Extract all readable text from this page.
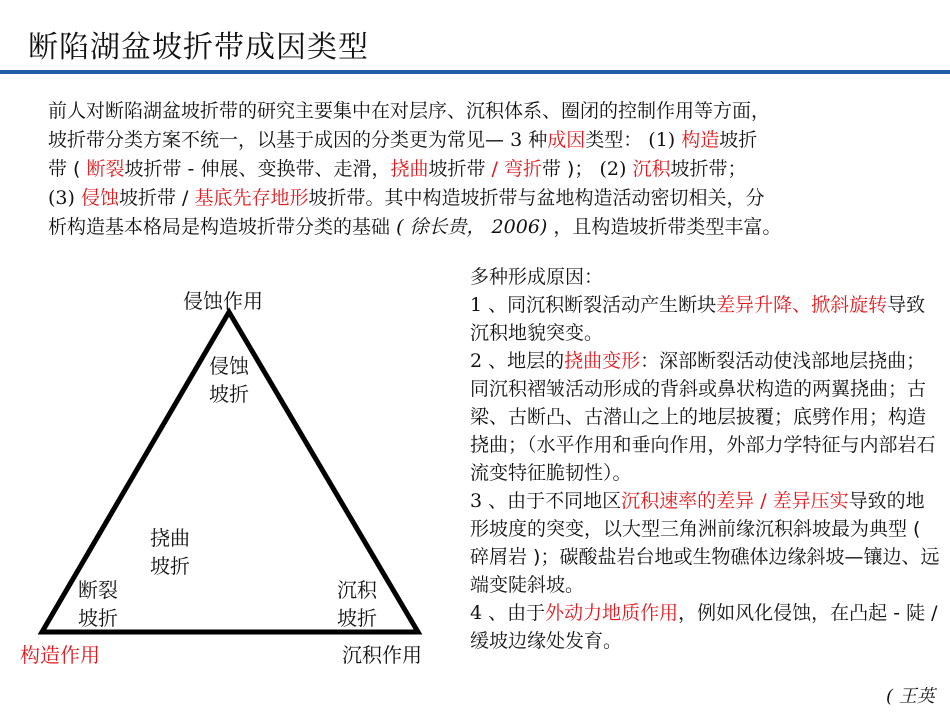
断陷湖盆坡折带成因类型
前人对断陷湖盆坡折带的研究主要集中在对层序、沉积体系、圈闭的控制作用等方面，
坡折带分类方案不统一，以基于成因的分类更为常见— 3 种成因类型： (1) 构造坡折
带 ( 断裂坡折带 - 伸展、变换带、走滑，挠曲坡折带 / 弯折带 )； (2) 沉积坡折带；
(3) 侵蚀坡折带 / 基底先存地形坡折带。其中构造坡折带与盆地构造活动密切相关，分
析构造基本格局是构造坡折带分类的基础 ( 徐长贵， 2006) ，且构造坡折带类型丰富。
侵蚀作用
构造作用	沉积作用
侵蚀
坡折
挠曲
坡折
断裂
坡折
沉积
坡折

多种形成原因：

1 、同沉积断裂活动产生断块差异升降、掀斜旋转导致沉积地貌突变。

2 、地层的挠曲变形：深部断裂活动使浅部地层挠曲；同沉积褶皱活动形成的背斜或鼻状构造的两翼挠曲；古梁、古断凸、古潜山之上的地层披覆；底劈作用；构造挠曲；（水平作用和垂向作用，外部力学特征与内部岩石流变特征脆韧性）。

3 、由于不同地区沉积速率的差异 / 差异压实导致的地形坡度的突变，以大型三角洲前缘沉积斜坡最为典型 ( 碎屑岩 )；碳酸盐岩台地或生物礁体边缘斜坡—镶边、远端变陡斜坡。

4 、由于外动力地质作用，例如风化侵蚀，在凸起 - 陡 / 缓坡边缘处发育。

( 王英
